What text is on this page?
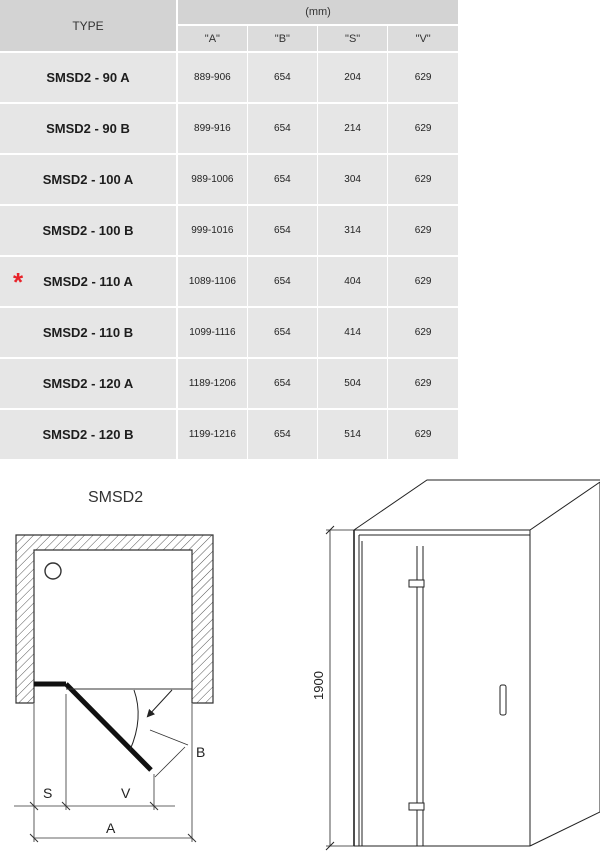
TYPE	(mm)			
	"A"	"B"	"S"	"V"
SMSD2 - 90 A	889-906	654	204	629
SMSD2 - 90 B	899-916	654	214	629
SMSD2 - 100 A	989-1006	654	304	629
SMSD2 - 100 B	999-1016	654	314	629

* SMSD2 - 110 A	1089-1106	654	404	629
SMSD2 - 110 B	1099-1116	654	414	629
SMSD2 - 120 A	1189-1206	654	504	629
SMSD2 - 120 B	1199-1216	654	514	629
SMSD2
B
S	V
A
1900
